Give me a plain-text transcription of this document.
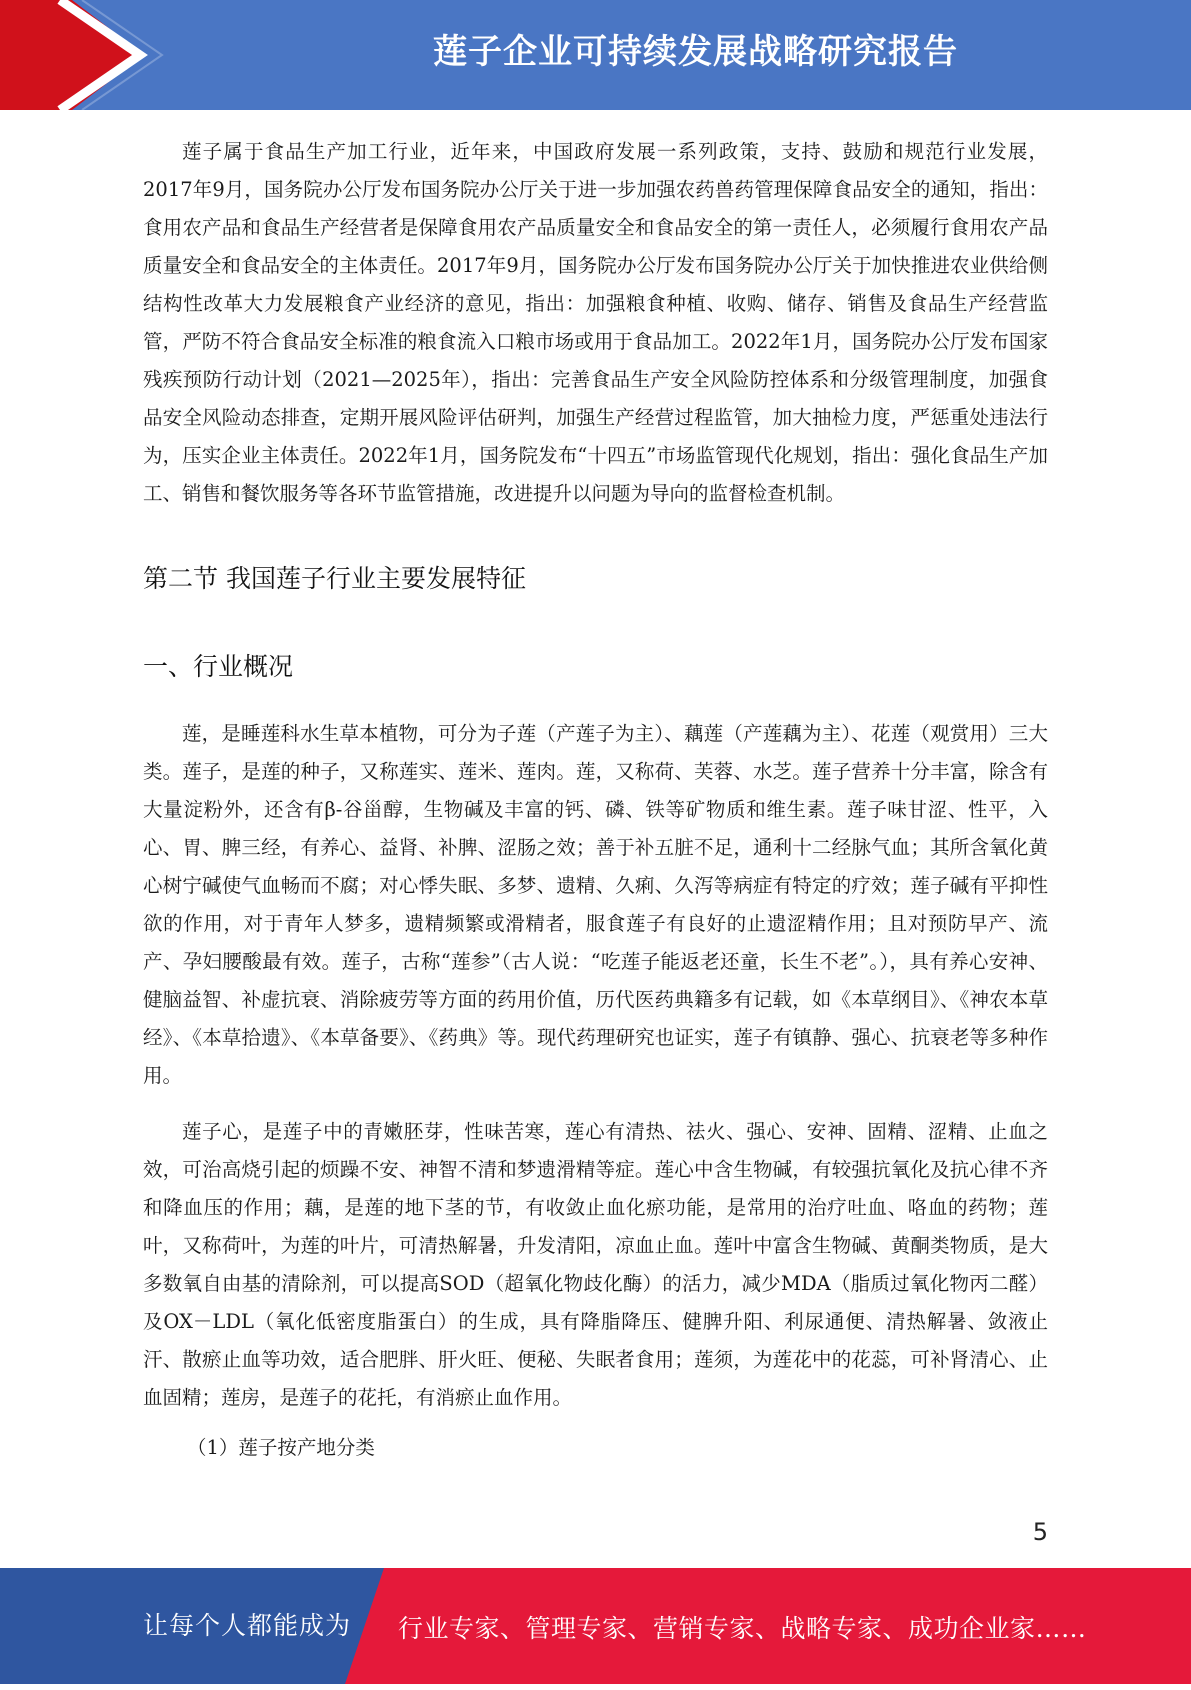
莲子企业可持续发展战略研究报告

莲子属于食品生产加工行业，近年来，中国政府发展一系列政策，支持、鼓励和规范行业发展，2017年9月，国务院办公厅发布国务院办公厅关于进一步加强农药兽药管理保障食品安全的通知，指出：食用农产品和食品生产经营者是保障食用农产品质量安全和食品安全的第一责任人，必须履行食用农产品质量安全和食品安全的主体责任。2017年9月，国务院办公厅发布国务院办公厅关于加快推进农业供给侧结构性改革大力发展粮食产业经济的意见，指出：加强粮食种植、收购、储存、销售及食品生产经营监管，严防不符合食品安全标准的粮食流入口粮市场或用于食品加工。2022年1月，国务院办公厅发布国家残疾预防行动计划（2021—2025年），指出：完善食品生产安全风险防控体系和分级管理制度，加强食品安全风险动态排查，定期开展风险评估研判，加强生产经营过程监管，加大抽检力度，严惩重处违法行为，压实企业主体责任。2022年1月，国务院发布“十四五”市场监管现代化规划，指出：强化食品生产加工、销售和餐饮服务等各环节监管措施，改进提升以问题为导向的监督检查机制。

第二节 我国莲子行业主要发展特征
一、行业概况

莲，是睡莲科水生草本植物，可分为子莲（产莲子为主）、藕莲（产莲藕为主）、花莲（观赏用）三大类。莲子，是莲的种子，又称莲实、莲米、莲肉。莲，又称荷、芙蓉、水芝。莲子营养十分丰富，除含有大量淀粉外，还含有β-谷甾醇，生物碱及丰富的钙、磷、铁等矿物质和维生素。莲子味甘涩、性平，入心、胃、脾三经，有养心、益肾、补脾、涩肠之效；善于补五脏不足，通利十二经脉气血；其所含氧化黄心树宁碱使气血畅而不腐；对心悸失眠、多梦、遗精、久痢、久泻等病症有特定的疗效；莲子碱有平抑性欲的作用，对于青年人梦多，遗精频繁或滑精者，服食莲子有良好的止遗涩精作用；且对预防早产、流产、孕妇腰酸最有效。莲子，古称“莲参”（古人说：“吃莲子能返老还童，长生不老”。），具有养心安神、健脑益智、补虚抗衰、消除疲劳等方面的药用价值，历代医药典籍多有记载，如《本草纲目》、《神农本草经》、《本草拾遗》、《本草备要》、《药典》等。现代药理研究也证实，莲子有镇静、强心、抗衰老等多种作用。

莲子心，是莲子中的青嫩胚芽，性味苦寒，莲心有清热、祛火、强心、安神、固精、涩精、止血之效，可治高烧引起的烦躁不安、神智不清和梦遗滑精等症。莲心中含生物碱，有较强抗氧化及抗心律不齐和降血压的作用；藕，是莲的地下茎的节，有收敛止血化瘀功能，是常用的治疗吐血、咯血的药物；莲叶，又称荷叶，为莲的叶片，可清热解暑，升发清阳，凉血止血。莲叶中富含生物碱、黄酮类物质，是大多数氧自由基的清除剂，可以提高SOD（超氧化物歧化酶）的活力，减少MDA（脂质过氧化物丙二醛）及OX－LDL（氧化低密度脂蛋白）的生成，具有降脂降压、健脾升阳、利尿通便、清热解暑、敛液止汗、散瘀止血等功效，适合肥胖、肝火旺、便秘、失眠者食用；莲须，为莲花中的花蕊，可补肾清心、止血固精；莲房，是莲子的花托，有消瘀止血作用。

（1）莲子按产地分类

5
让每个人都能成为 行业专家、管理专家、营销专家、战略专家、成功企业家……
